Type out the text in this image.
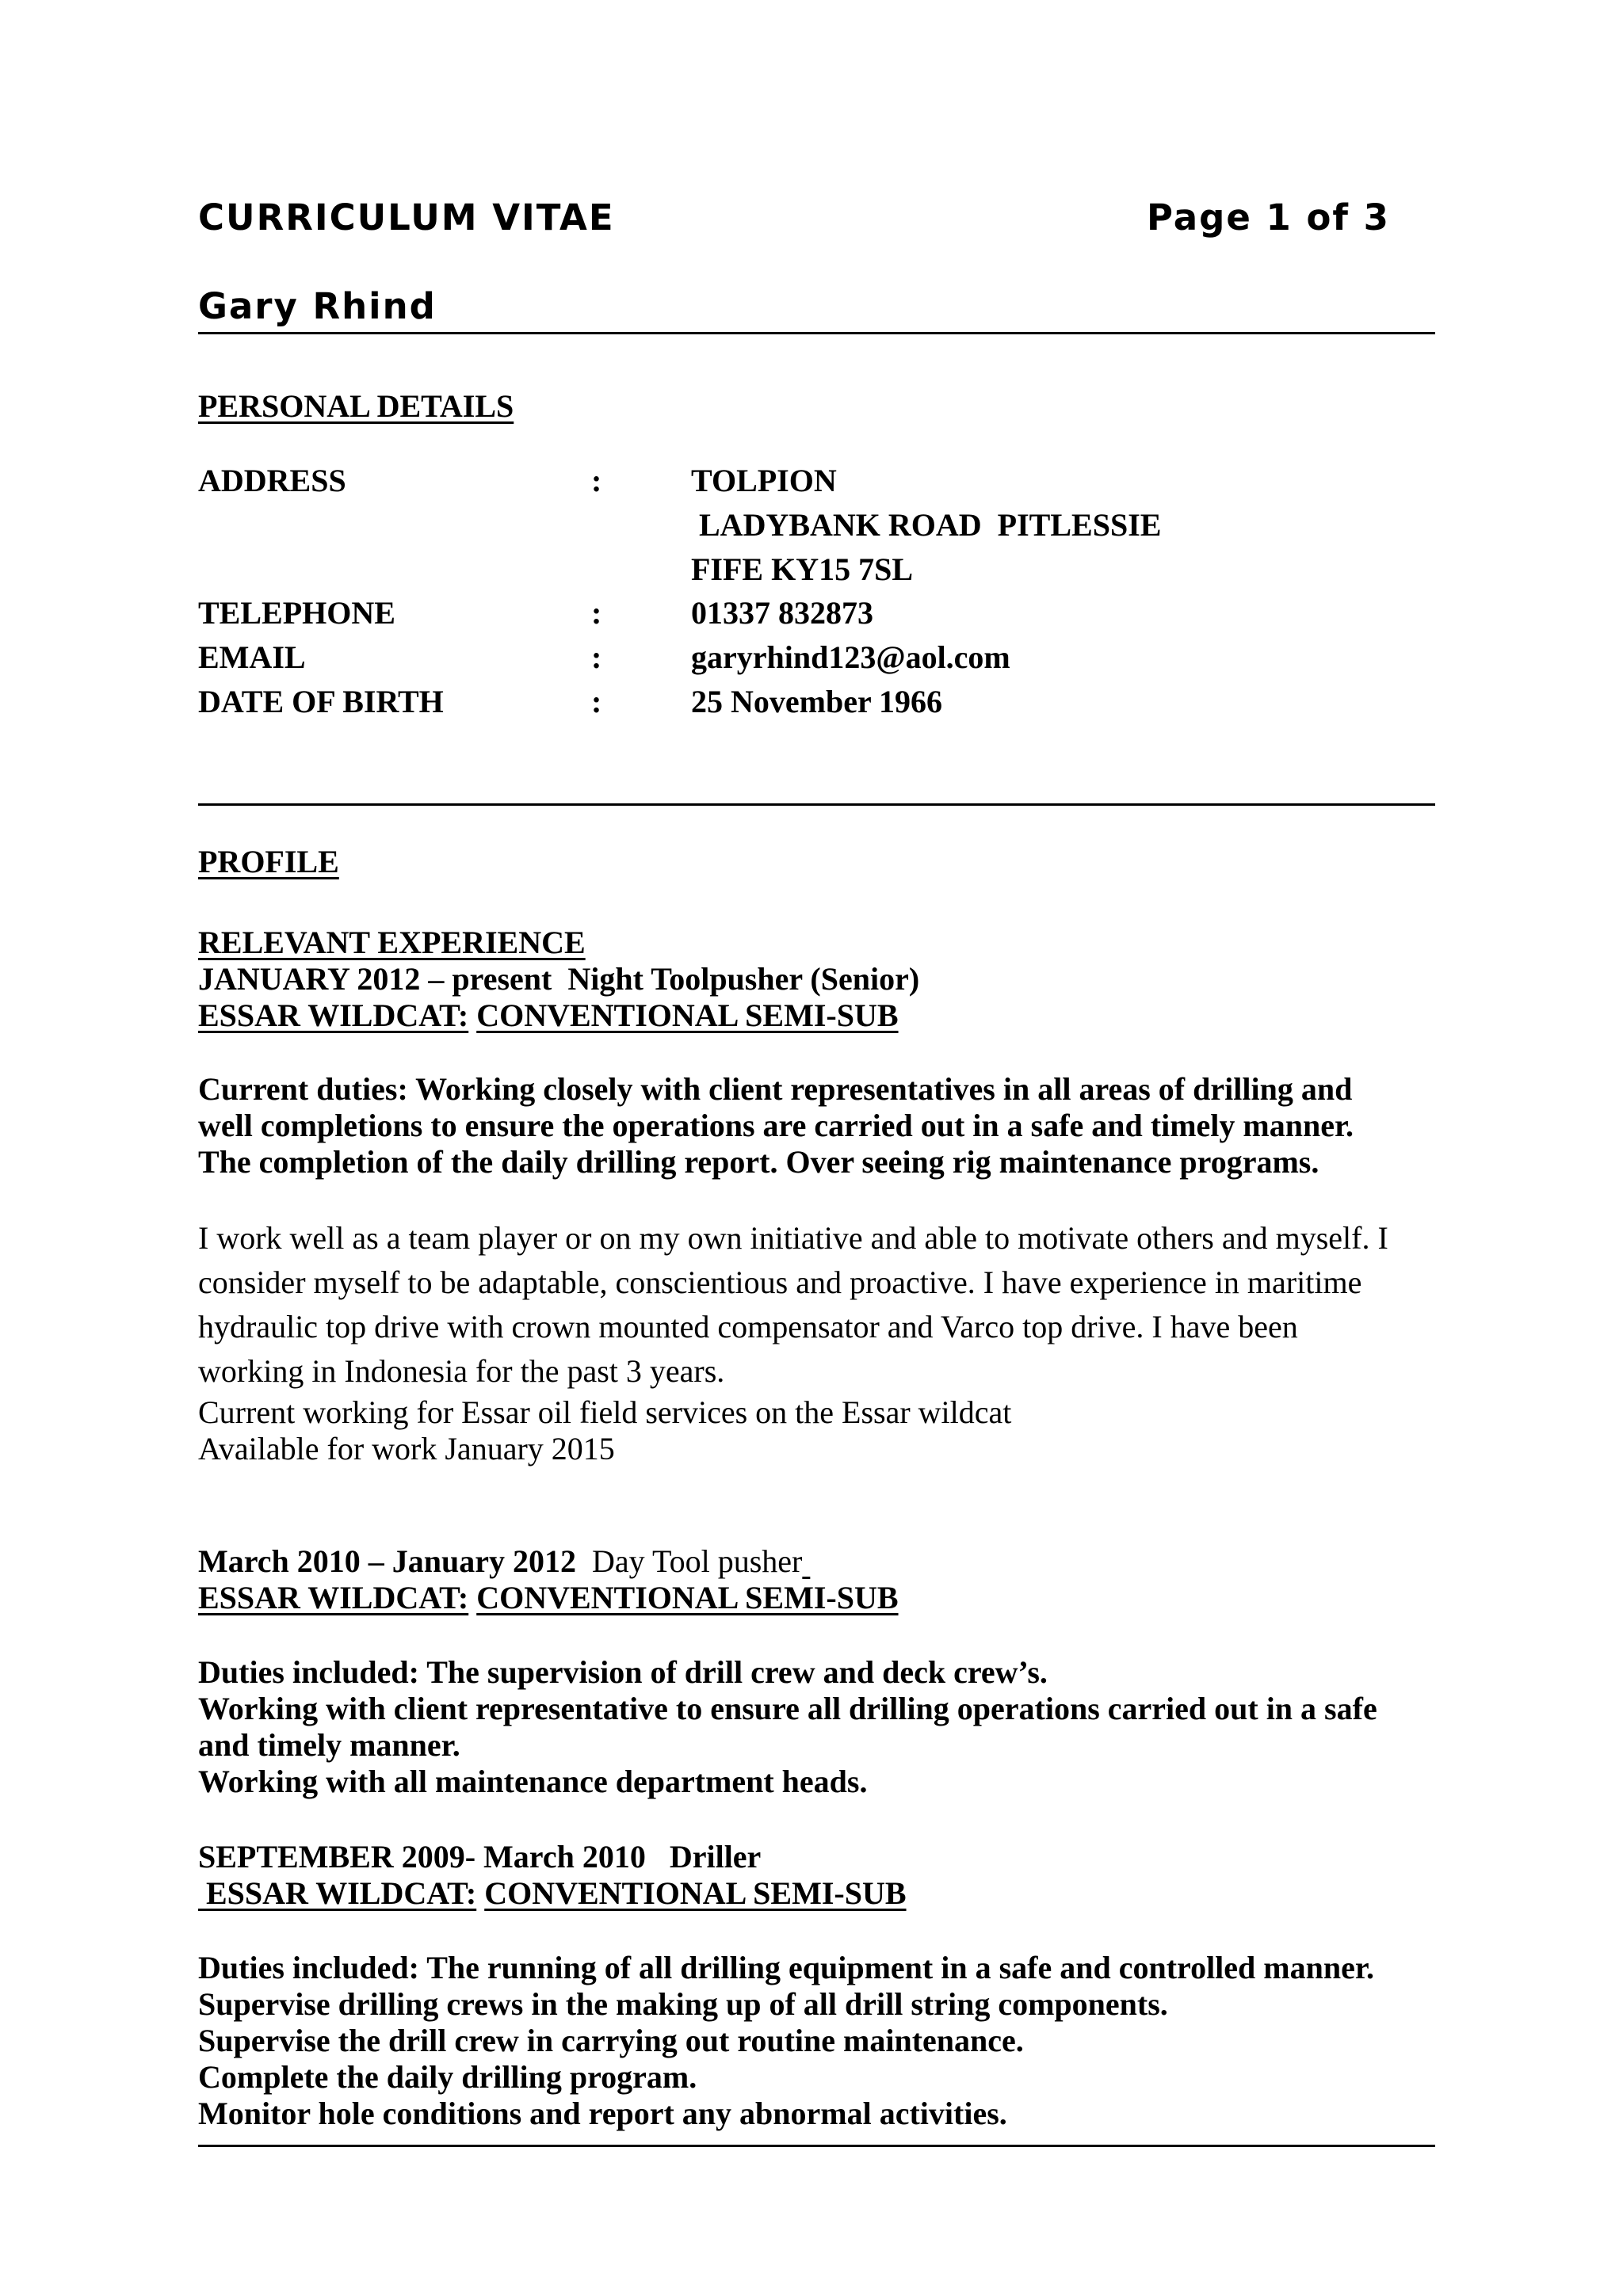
CURRICULUM VITAE	Page 1 of 3
Gary Rhind
PERSONAL DETAILS
ADDRESS	:	TOLPION
LADYBANK ROAD  PITLESSIE
FIFE KY15 7SL
TELEPHONE	:	01337 832873
EMAIL	:	garyrhind123@aol.com
DATE OF BIRTH	:	25 November 1966
PROFILE
RELEVANT EXPERIENCE
JANUARY 2012 – present  Night Toolpusher (Senior)
ESSAR WILDCAT: CONVENTIONAL SEMI-SUB
Current duties: Working closely with client representatives in all areas of drilling and
well completions to ensure the operations are carried out in a safe and timely manner.
The completion of the daily drilling report. Over seeing rig maintenance programs.
I work well as a team player or on my own initiative and able to motivate others and myself. I
consider myself to be adaptable, conscientious and proactive. I have experience in maritime
hydraulic top drive with crown mounted compensator and Varco top drive. I have been
working in Indonesia for the past 3 years.
Current working for Essar oil field services on the Essar wildcat
Available for work January 2015
March 2010 – January 2012 Day Tool pusher
ESSAR WILDCAT: CONVENTIONAL SEMI-SUB
Duties included: The supervision of drill crew and deck crew’s.
Working with client representative to ensure all drilling operations carried out in a safe
and timely manner.
Working with all maintenance department heads.
SEPTEMBER 2009- March 2010   Driller
ESSAR WILDCAT: CONVENTIONAL SEMI-SUB
Duties included: The running of all drilling equipment in a safe and controlled manner.
Supervise drilling crews in the making up of all drill string components.
Supervise the drill crew in carrying out routine maintenance.
Complete the daily drilling program.
Monitor hole conditions and report any abnormal activities.
